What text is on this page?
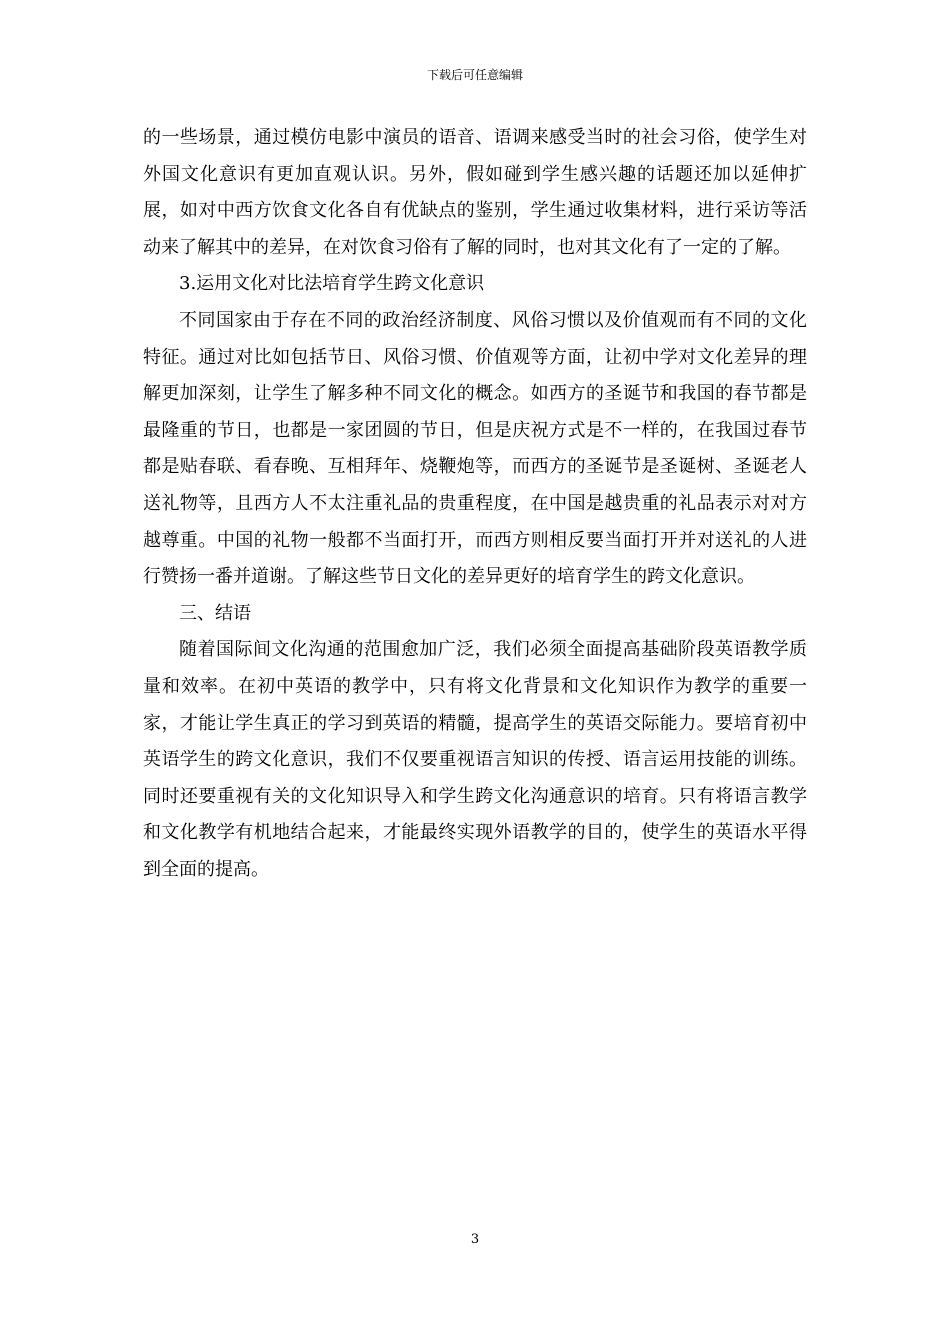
下载后可任意编辑

的一些场景，通过模仿电影中演员的语音、语调来感受当时的社会习俗，使学生对外国文化意识有更加直观认识。另外，假如碰到学生感兴趣的话题还加以延伸扩展，如对中西方饮食文化各自有优缺点的鉴别，学生通过收集材料，进行采访等活动来了解其中的差异，在对饮食习俗有了解的同时，也对其文化有了一定的了解。

3.运用文化对比法培育学生跨文化意识

不同国家由于存在不同的政治经济制度、风俗习惯以及价值观而有不同的文化特征。通过对比如包括节日、风俗习惯、价值观等方面，让初中学对文化差异的理解更加深刻，让学生了解多种不同文化的概念。如西方的圣诞节和我国的春节都是最隆重的节日，也都是一家团圆的节日，但是庆祝方式是不一样的，在我国过春节都是贴春联、看春晚、互相拜年、烧鞭炮等，而西方的圣诞节是圣诞树、圣诞老人送礼物等，且西方人不太注重礼品的贵重程度，在中国是越贵重的礼品表示对对方越尊重。中国的礼物一般都不当面打开，而西方则相反要当面打开并对送礼的人进行赞扬一番并道谢。了解这些节日文化的差异更好的培育学生的跨文化意识。

三、结语

随着国际间文化沟通的范围愈加广泛，我们必须全面提高基础阶段英语教学质量和效率。在初中英语的教学中，只有将文化背景和文化知识作为教学的重要一家，才能让学生真正的学习到英语的精髓，提高学生的英语交际能力。要培育初中英语学生的跨文化意识，我们不仅要重视语言知识的传授、语言运用技能的训练。同时还要重视有关的文化知识导入和学生跨文化沟通意识的培育。只有将语言教学和文化教学有机地结合起来，才能最终实现外语教学的目的，使学生的英语水平得到全面的提高。

3
